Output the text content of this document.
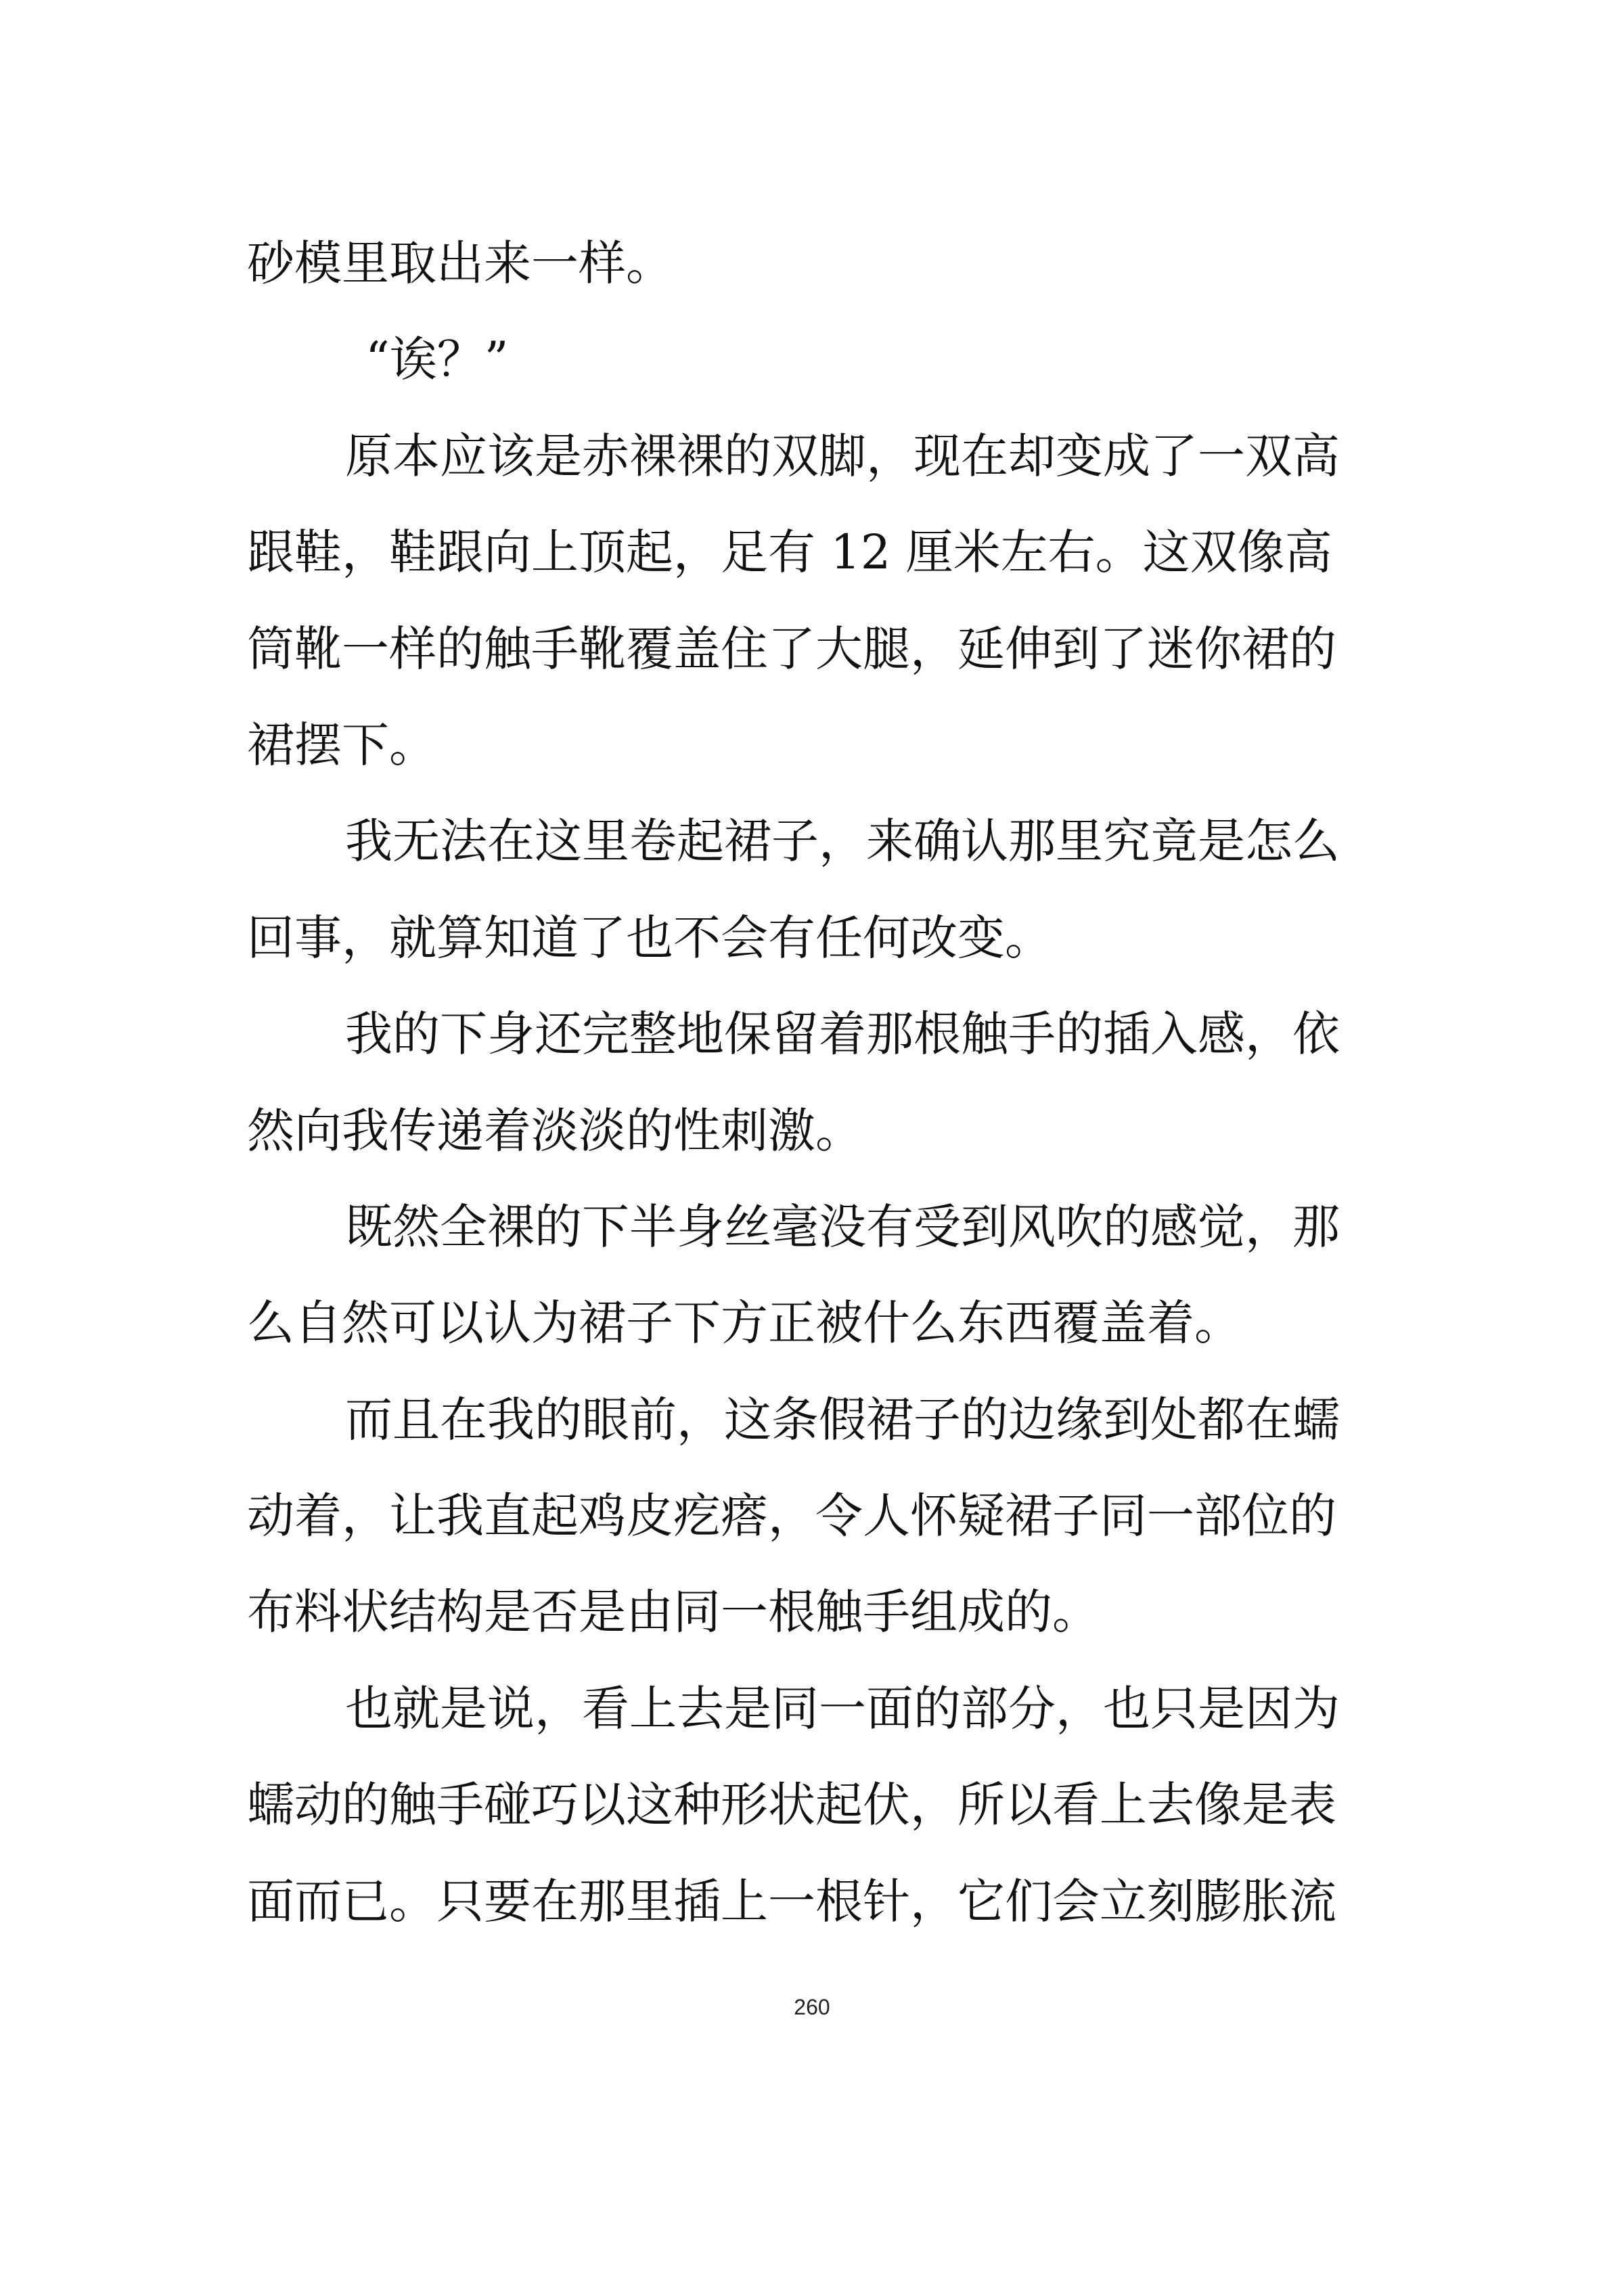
砂模里取出来一样。
“诶？”
原本应该是赤裸裸的双脚，现在却变成了一双高
跟鞋，鞋跟向上顶起，足有 12 厘米左右。这双像高
筒靴一样的触手靴覆盖住了大腿，延伸到了迷你裙的
裙摆下。
我无法在这里卷起裙子，来确认那里究竟是怎么
回事，就算知道了也不会有任何改变。
我的下身还完整地保留着那根触手的插入感，依
然向我传递着淡淡的性刺激。
既然全裸的下半身丝毫没有受到风吹的感觉，那
么自然可以认为裙子下方正被什么东西覆盖着。
而且在我的眼前，这条假裙子的边缘到处都在蠕
动着，让我直起鸡皮疙瘩，令人怀疑裙子同一部位的
布料状结构是否是由同一根触手组成的。
也就是说，看上去是同一面的部分，也只是因为
蠕动的触手碰巧以这种形状起伏，所以看上去像是表
面而已。只要在那里插上一根针，它们会立刻膨胀流
260
